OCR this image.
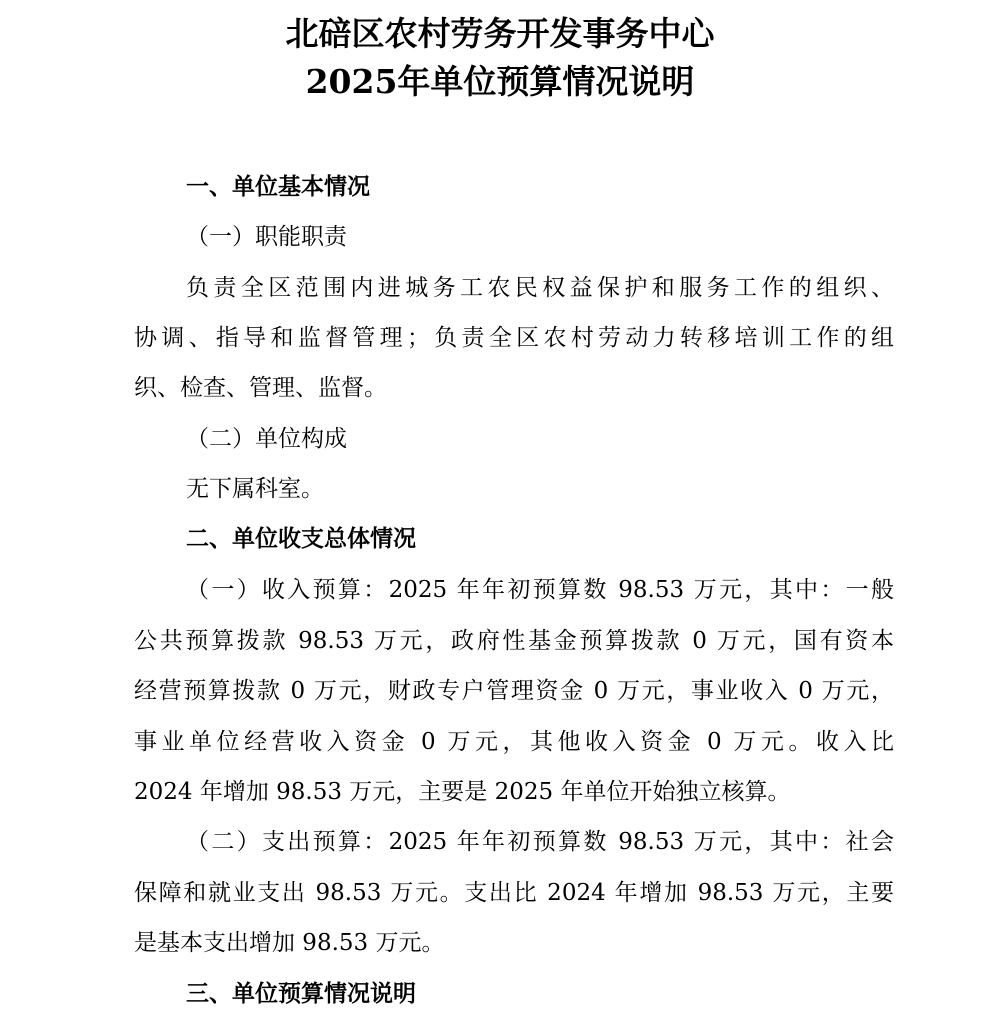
北碚区农村劳务开发事务中心
2025年单位预算情况说明

一、单位基本情况

（一）职能职责

负责全区范围内进城务工农民权益保护和服务工作的组织、

协调、指导和监督管理；负责全区农村劳动力转移培训工作的组

织、检查、管理、监督。

（二）单位构成

无下属科室。

二、单位收支总体情况

（一）收入预算：2025 年年初预算数 98.53 万元，其中：一般

公共预算拨款 98.53 万元，政府性基金预算拨款 0 万元，国有资本

经营预算拨款 0 万元，财政专户管理资金 0 万元，事业收入 0 万元，

事业单位经营收入资金 0 万元，其他收入资金 0 万元。收入比

2024 年增加 98.53 万元，主要是 2025 年单位开始独立核算。

（二）支出预算：2025 年年初预算数 98.53 万元，其中：社会

保障和就业支出 98.53 万元。支出比 2024 年增加 98.53 万元，主要

是基本支出增加 98.53 万元。

三、单位预算情况说明
